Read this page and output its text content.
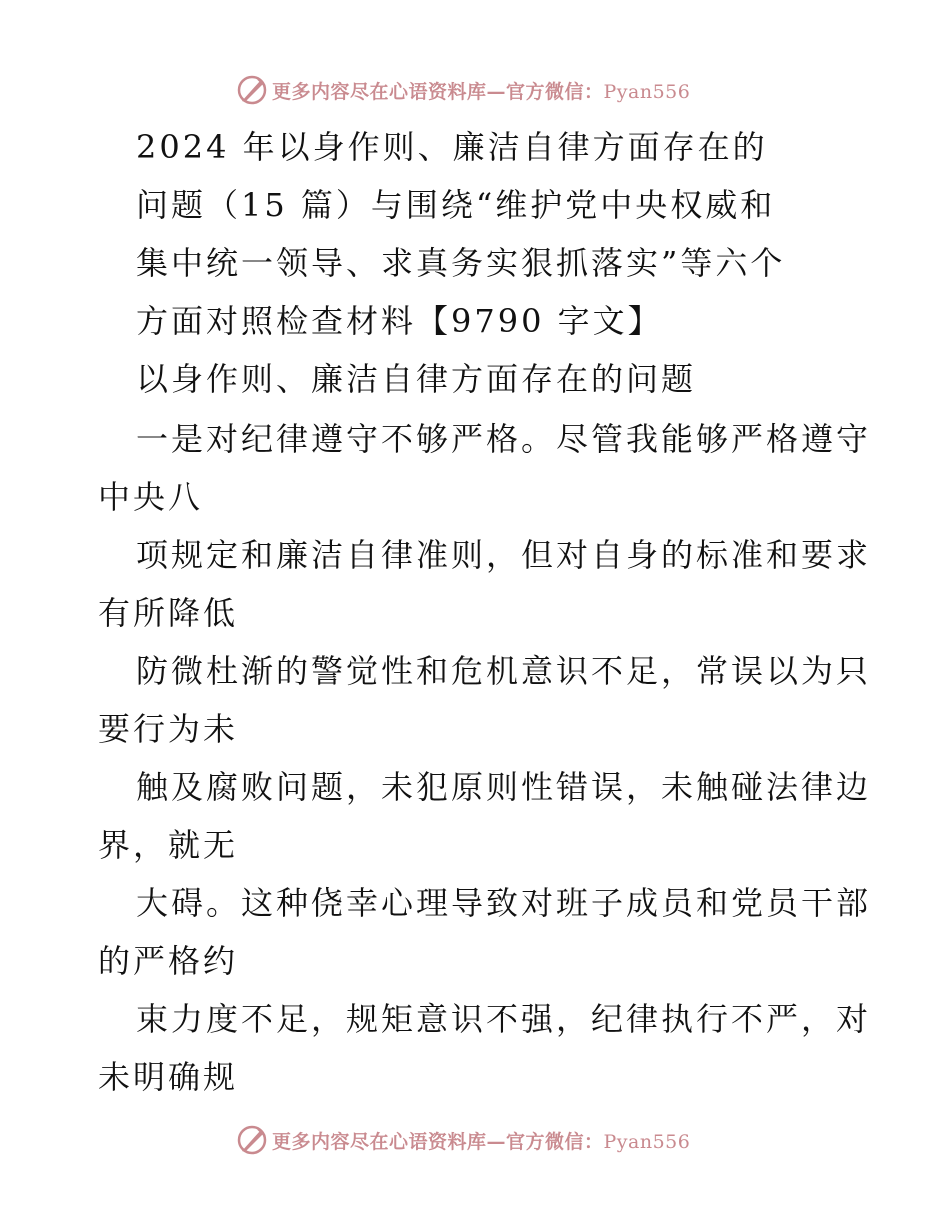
更多内容尽在心语资料库—官方微信：Pyan556
2024 年以身作则、廉洁自律方面存在的
问题（15 篇）与围绕“维护党中央权威和
集中统一领导、求真务实狠抓落实”等六个
方面对照检查材料【9790 字文】
以身作则、廉洁自律方面存在的问题
一是对纪律遵守不够严格。尽管我能够严格遵守
中央八
项规定和廉洁自律准则，但对自身的标准和要求
有所降低
防微杜渐的警觉性和危机意识不足，常误以为只
要行为未
触及腐败问题，未犯原则性错误，未触碰法律边
界，就无
大碍。这种侥幸心理导致对班子成员和党员干部
的严格约
束力度不足，规矩意识不强，纪律执行不严，对
未明确规
更多内容尽在心语资料库—官方微信：Pyan556
